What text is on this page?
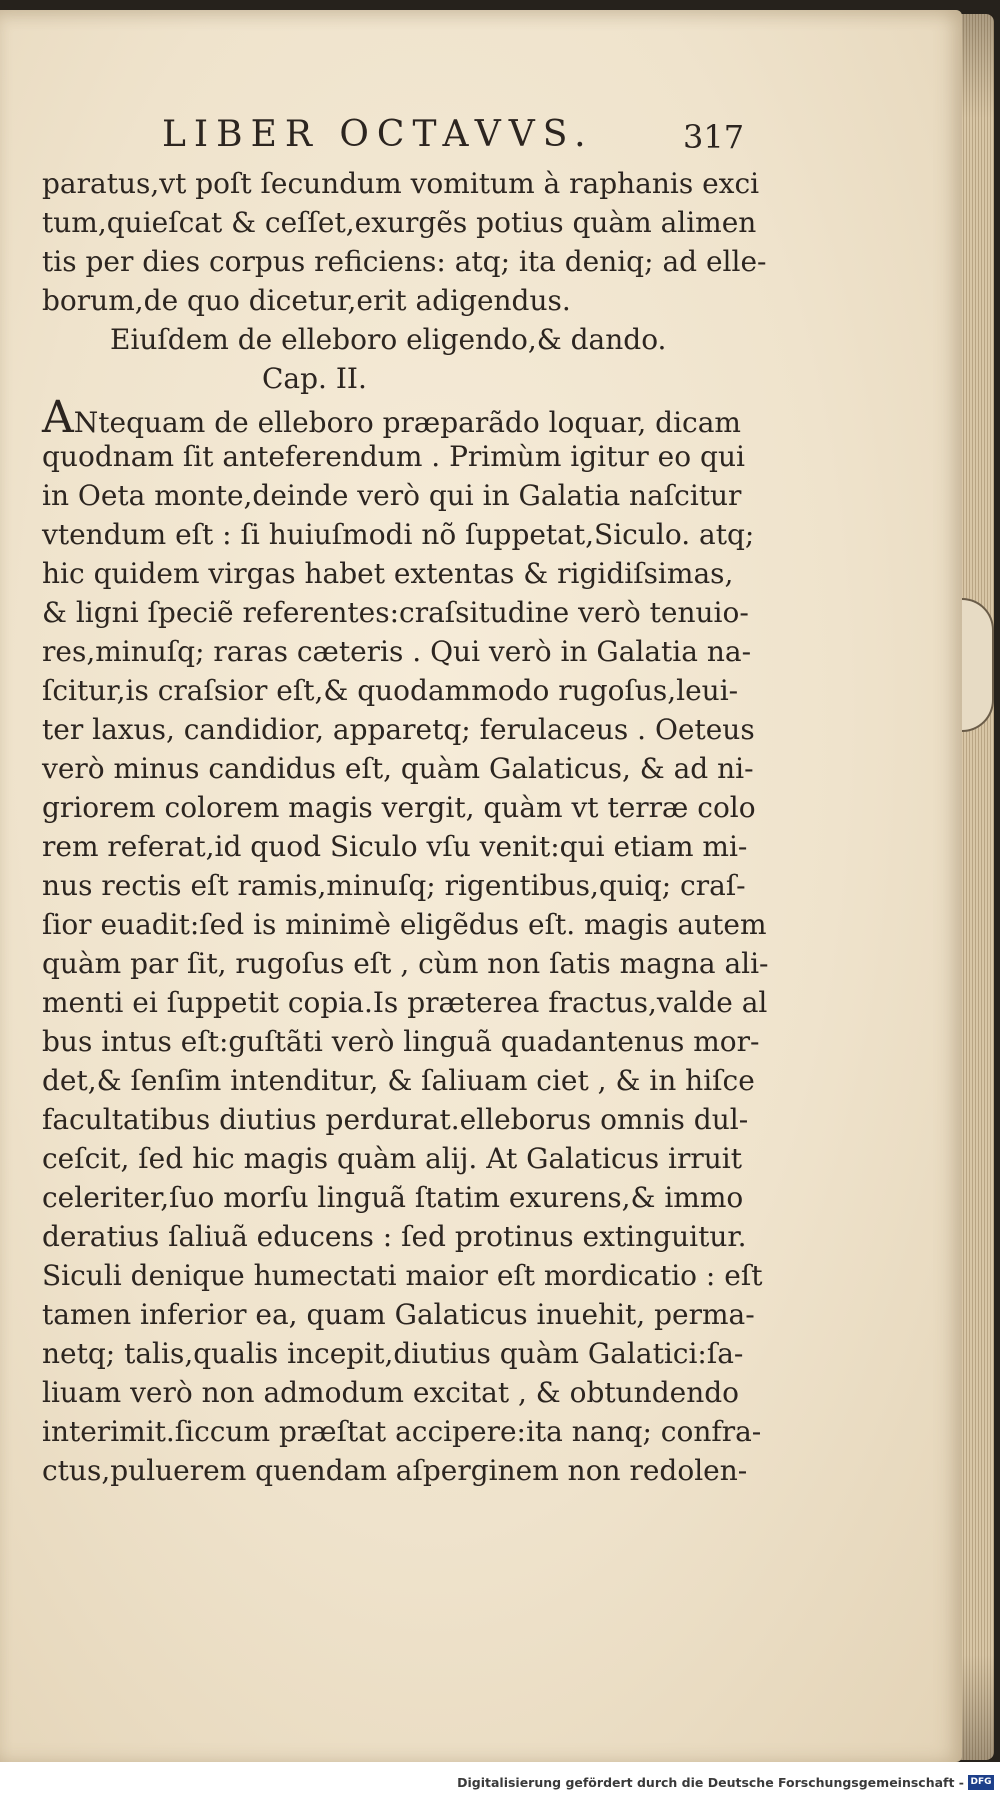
LIBER OCTAVVS.	317
paratus,vt poſt ſecundum vomitum à raphanis exci
tum,quieſcat & ceſſet,exurgẽs potius quàm alimen
tis per dies corpus reficiens: atq; ita deniq; ad elle-
borum,de quo dicetur,erit adigendus.
Eiuſdem de elleboro eligendo,& dando.
Cap. II.
ANtequam de elleboro præparãdo loquar, dicam
quodnam ſit anteferendum . Primùm igitur eo qui
in Oeta monte,deinde verò qui in Galatia naſcitur
vtendum eſt : ſi huiuſmodi nõ ſuppetat,Siculo. atq;
hic quidem virgas habet extentas & rigidiſsimas,
& ligni ſpeciẽ referentes:craſsitudine verò tenuio-
res,minuſq; raras cæteris . Qui verò in Galatia na-
ſcitur,is craſsior eſt,& quodammodo rugoſus,leui-
ter laxus, candidior, apparetq; ferulaceus . Oeteus
verò minus candidus eſt, quàm Galaticus, & ad ni-
griorem colorem magis vergit, quàm vt terræ colo
rem referat,id quod Siculo vſu venit:qui etiam mi-
nus rectis eſt ramis,minuſq; rigentibus,quiq; craſ-
ſior euadit:ſed is minimè eligẽdus eſt. magis autem
quàm par ſit, rugoſus eſt , cùm non ſatis magna ali-
menti ei ſuppetit copia.Is præterea fractus,valde al
bus intus eſt:guſtãti verò linguã quadantenus mor-
det,& ſenſim intenditur, & ſaliuam ciet , & in hiſce
facultatibus diutius perdurat.elleborus omnis dul-
ceſcit, ſed hic magis quàm alij. At Galaticus irruit
celeriter,ſuo morſu linguã ſtatim exurens,& immo
deratius ſaliuã educens : ſed protinus extinguitur.
Siculi denique humectati maior eſt mordicatio : eſt
tamen inferior ea, quam Galaticus inuehit, perma-
netq; talis,qualis incepit,diutius quàm Galatici:ſa-
liuam verò non admodum excitat , & obtundendo
interimit.ſiccum præſtat accipere:ita nanq; confra-
ctus,puluerem quendam aſperginem non redolen-
Digitalisierung gefördert durch die Deutsche Forschungsgemeinschaft - DFG
